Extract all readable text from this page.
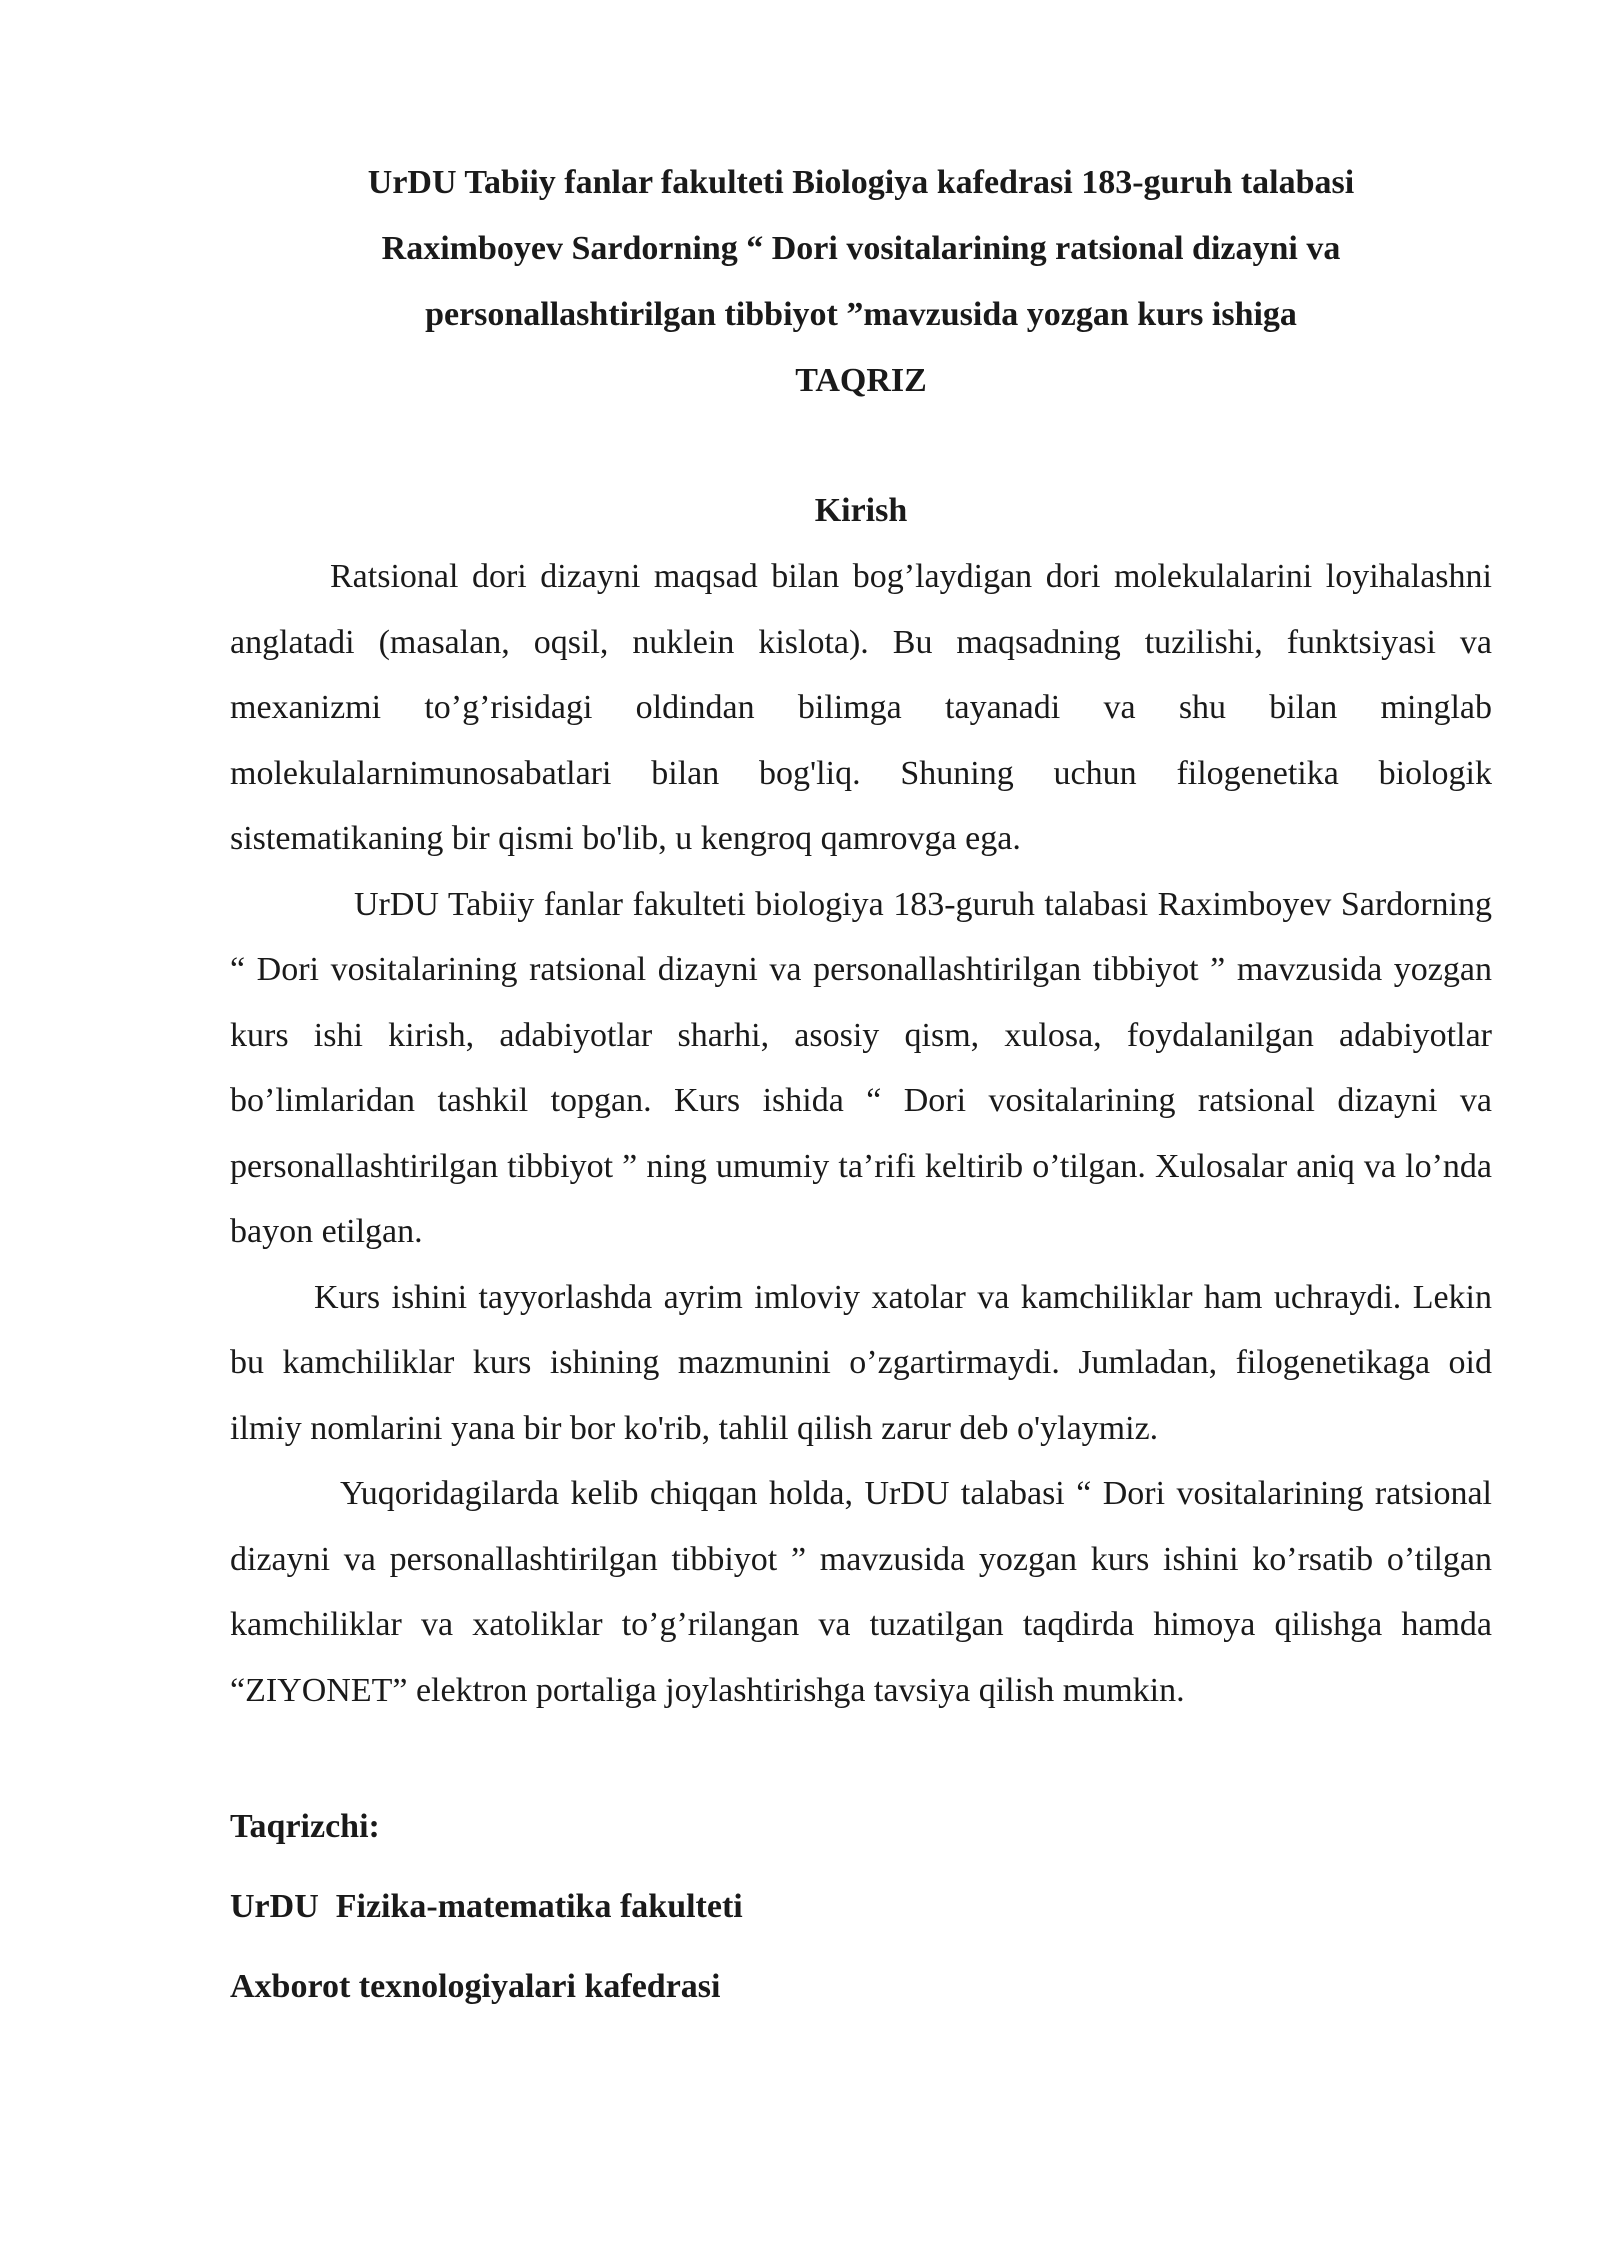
UrDU Tabiiy fanlar fakulteti Biologiya kafedrasi 183-guruh talabasi
Raximboyev Sardorning “ Dori vositalarining ratsional dizayni va
personallashtirilgan tibbiyot ”mavzusida yozgan kurs ishiga
TAQRIZ
Kirish

Ratsional dori dizayni maqsad bilan bog’laydigan dori molekulalarini loyihalashni anglatadi (masalan, oqsil, nuklein kislota). Bu maqsadning tuzilishi, funktsiyasi va mexanizmi to’g’risidagi oldindan bilimga tayanadi va shu bilan minglab molekulalarnimunosabatlari bilan bog'liq. Shuning uchun filogenetika biologik sistematikaning bir qismi bo'lib, u kengroq qamrovga ega.

UrDU Tabiiy fanlar fakulteti biologiya 183-guruh talabasi Raximboyev Sardorning “ Dori vositalarining ratsional dizayni va personallashtirilgan tibbiyot ” mavzusida yozgan kurs ishi kirish, adabiyotlar sharhi, asosiy qism, xulosa, foydalanilgan adabiyotlar bo’limlaridan tashkil topgan. Kurs ishida “ Dori vositalarining ratsional dizayni va personallashtirilgan tibbiyot ” ning umumiy ta’rifi keltirib o’tilgan. Xulosalar aniq va lo’nda bayon etilgan.

Kurs ishini tayyorlashda ayrim imloviy xatolar va kamchiliklar ham uchraydi. Lekin bu kamchiliklar kurs ishining mazmunini o’zgartirmaydi. Jumladan, filogenetikaga oid ilmiy nomlarini yana bir bor ko'rib, tahlil qilish zarur deb o'ylaymiz.

Yuqoridagilarda kelib chiqqan holda, UrDU talabasi “ Dori vositalarining ratsional dizayni va personallashtirilgan tibbiyot ” mavzusida yozgan kurs ishini ko’rsatib o’tilgan kamchiliklar va xatoliklar to’g’rilangan va tuzatilgan taqdirda himoya qilishga hamda “ZIYONET” elektron portaliga joylashtirishga tavsiya qilish mumkin.

Taqrizchi:
UrDU  Fizika-matematika fakulteti
Axborot texnologiyalari kafedrasi
